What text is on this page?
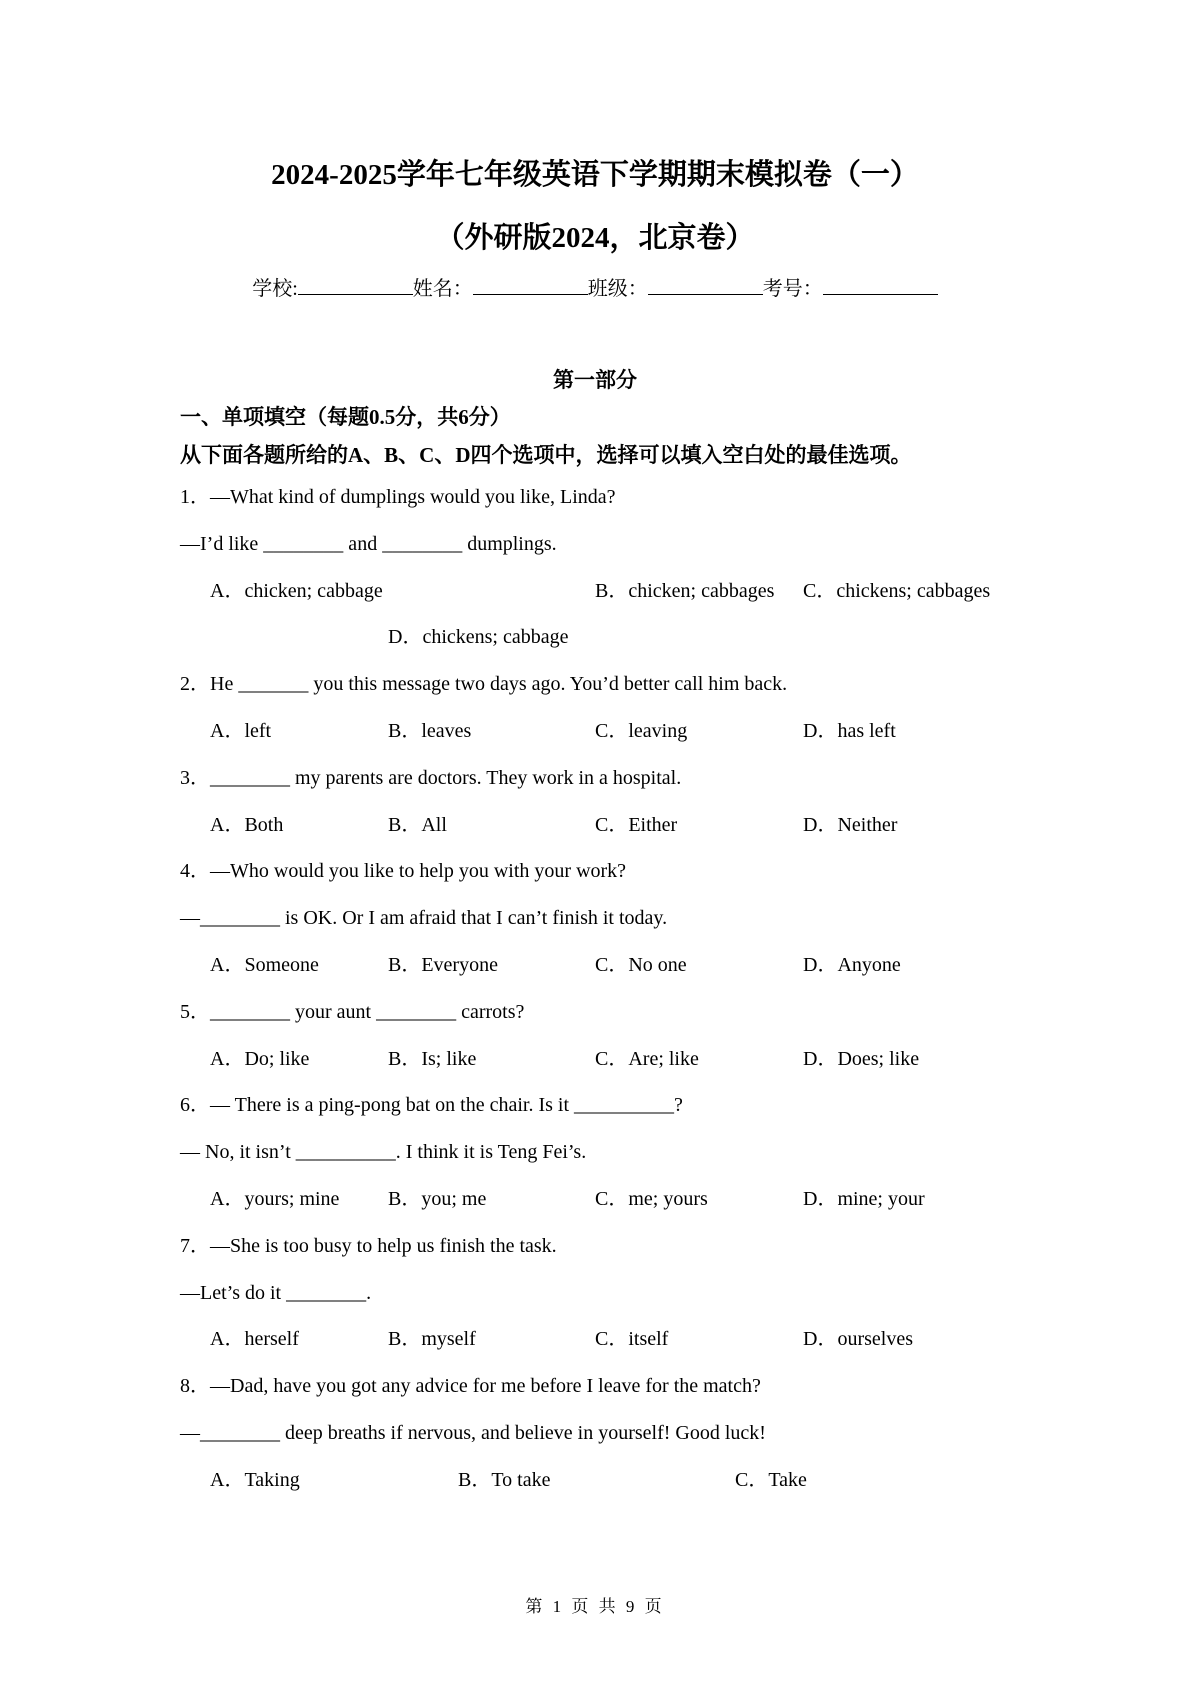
2024-2025学年七年级英语下学期期末模拟卷（一）
（外研版2024，北京卷）
学校:	姓名：	班级：	考号：
第一部分
一、单项填空（每题0.5分，共6分）
从下面各题所给的A、B、C、D四个选项中，选择可以填入空白处的最佳选项。
1．—What kind of dumplings would you like, Linda?
—I’d like ________ and ________ dumplings.
A．chicken; cabbage	B．chicken; cabbages C．chickens; cabbages
D．chickens; cabbage
2．He _______ you this message two days ago. You’d better call him back.
A．left	B．leaves	C．leaving	D．has left
3．________ my parents are doctors. They work in a hospital.
A．Both	B．All	C．Either	D．Neither
4．—Who would you like to help you with your work?
—________ is OK. Or I am afraid that I can’t finish it today.
A．Someone	B．Everyone	C．No one	D．Anyone
5．________ your aunt ________ carrots?
A．Do; like	B．Is; like	C．Are; like	D．Does; like
6．— There is a ping-pong bat on the chair. Is it __________?
— No, it isn’t __________. I think it is Teng Fei’s.
A．yours; mine B．you; me	C．me; yours	D．mine; your
7．—She is too busy to help us finish the task.
—Let’s do it ________.
A．herself	B．myself	C．itself	D．ourselves
8．—Dad, have you got any advice for me before I leave for the match?
—________ deep breaths if nervous, and believe in yourself! Good luck!
A．Taking	B．To take	C．Take
第 1 页 共 9 页
